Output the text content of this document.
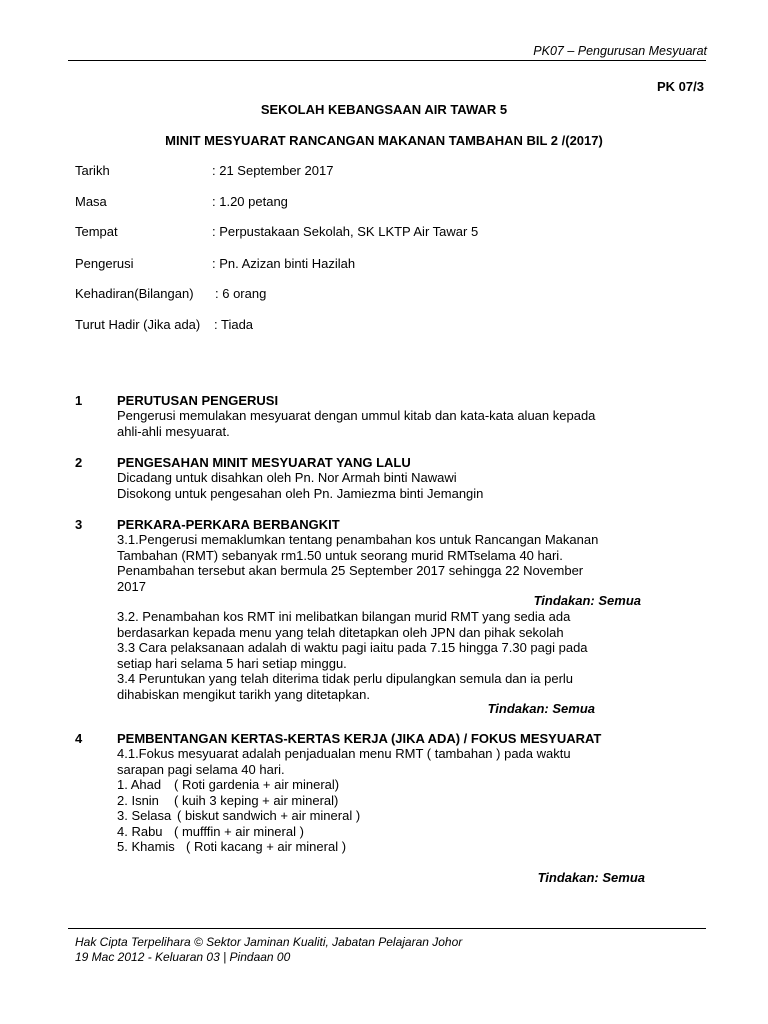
PK07 – Pengurusan Mesyuarat
PK 07/3
SEKOLAH KEBANGSAAN AIR TAWAR 5
MINIT MESYUARAT RANCANGAN MAKANAN TAMBAHAN BIL 2 /(2017)
Tarikh	: 21 September 2017
Masa	: 1.20 petang
Tempat	: Perpustakaan Sekolah, SK LKTP Air Tawar 5
Pengerusi	: Pn. Azizan binti Hazilah
Kehadiran(Bilangan) : 6 orang
Turut Hadir (Jika ada) : Tiada
1	PERUTUSAN PENGERUSI
Pengerusi memulakan mesyuarat dengan ummul kitab dan kata-kata aluan kepada
ahli-ahli mesyuarat.
2	PENGESAHAN MINIT MESYUARAT YANG LALU
Dicadang untuk disahkan oleh Pn. Nor Armah binti Nawawi
Disokong untuk pengesahan oleh Pn. Jamiezma binti Jemangin
3	PERKARA-PERKARA BERBANGKIT
3.1.Pengerusi memaklumkan tentang penambahan kos untuk Rancangan Makanan
Tambahan (RMT) sebanyak rm1.50 untuk seorang murid RMTselama 40 hari.
Penambahan tersebut akan bermula 25 September 2017 sehingga 22 November
2017
Tindakan: Semua
3.2. Penambahan kos RMT ini melibatkan bilangan murid RMT yang sedia ada
berdasarkan kepada menu yang telah ditetapkan oleh JPN dan pihak sekolah
3.3 Cara pelaksanaan adalah di waktu pagi iaitu pada 7.15 hingga 7.30 pagi pada
setiap hari selama 5 hari setiap minggu.
3.4 Peruntukan yang telah diterima tidak perlu dipulangkan semula dan ia perlu
dihabiskan mengikut tarikh yang ditetapkan.
Tindakan: Semua
4	PEMBENTANGAN KERTAS-KERTAS KERJA (JIKA ADA) / FOKUS MESYUARAT
4.1.Fokus mesyuarat adalah penjadualan menu RMT ( tambahan ) pada waktu
sarapan pagi selama 40 hari.
1. Ahad ( Roti gardenia + air mineral)
2. Isnin ( kuih 3 keping + air mineral)
3. Selasa ( biskut sandwich + air mineral )
4. Rabu ( mufffin + air mineral )
5. Khamis ( Roti kacang + air mineral )
Tindakan: Semua
Hak Cipta Terpelihara © Sektor Jaminan Kualiti, Jabatan Pelajaran Johor
19 Mac 2012 - Keluaran 03 | Pindaan 00
